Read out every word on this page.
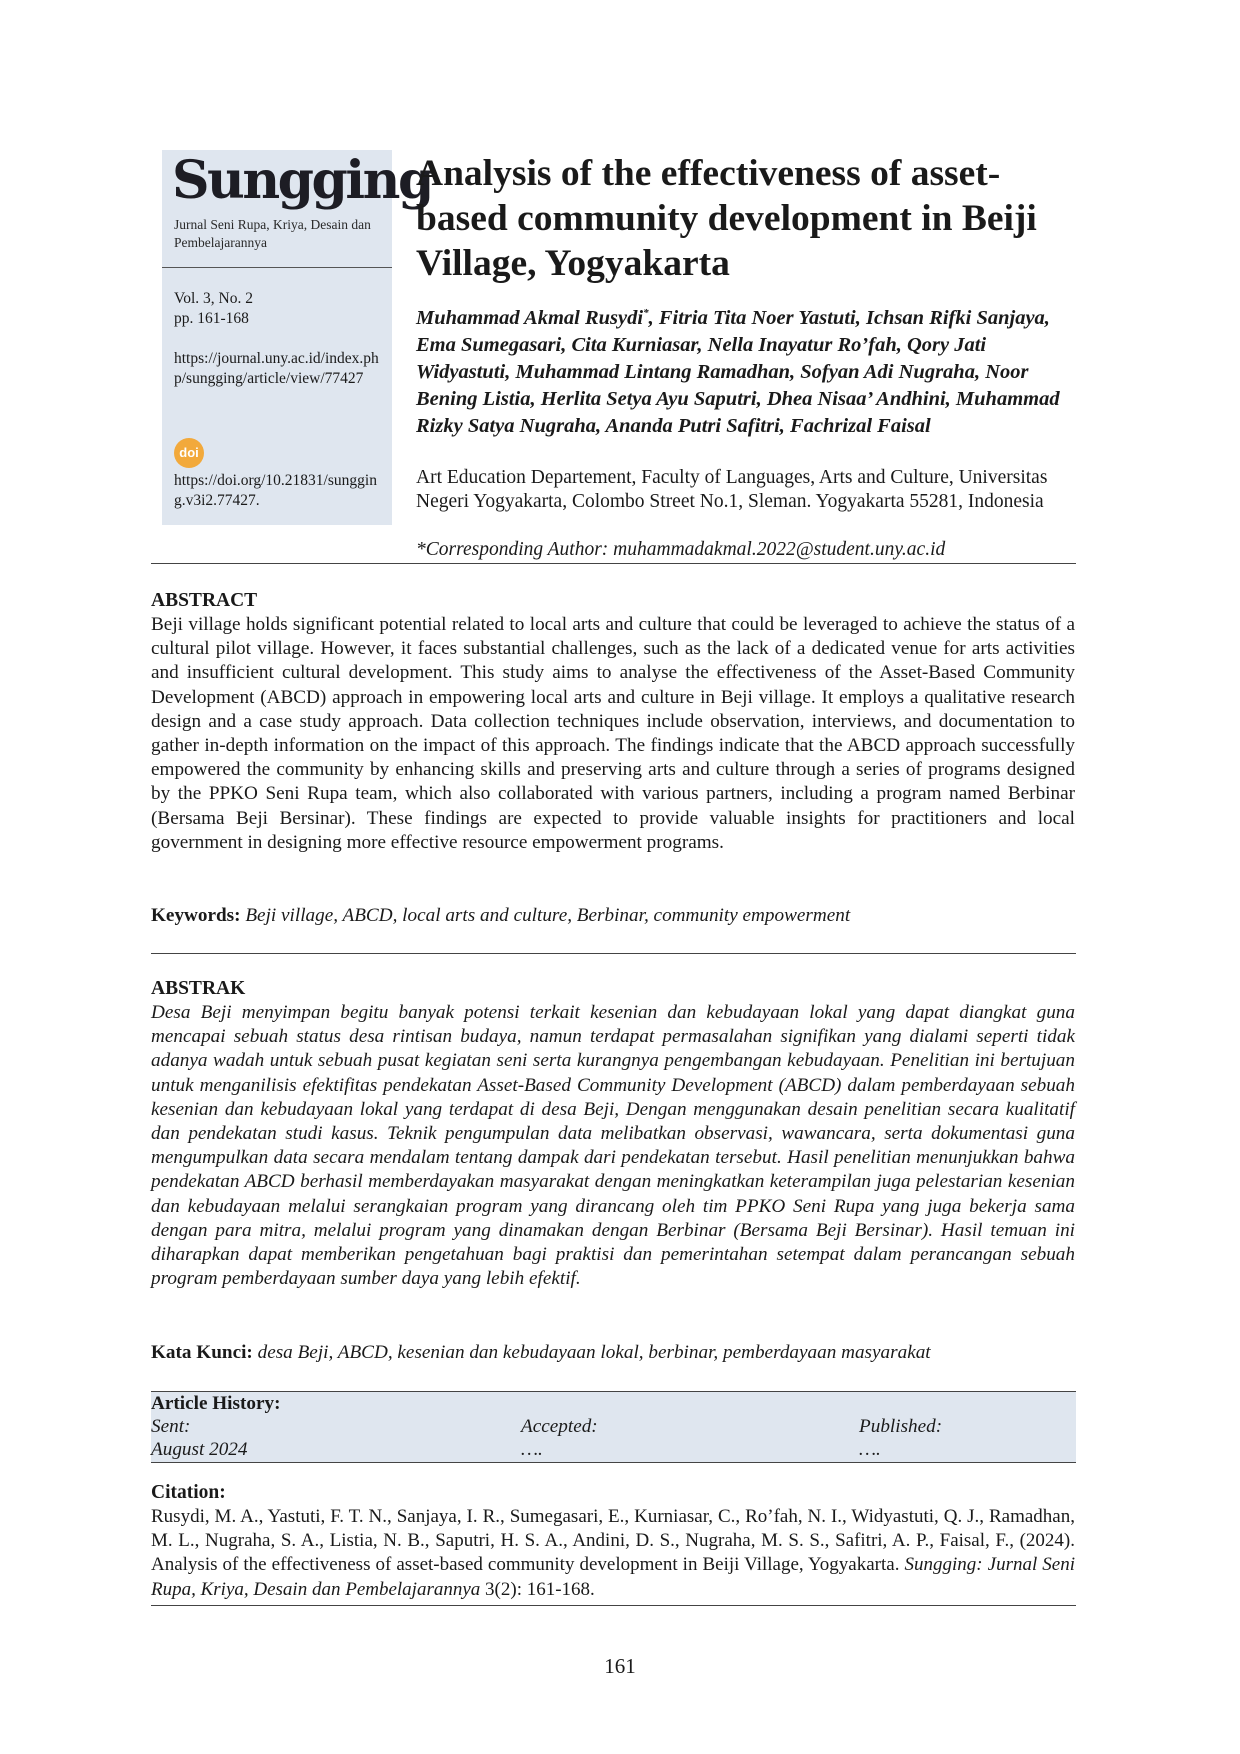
Sungging
Jurnal Seni Rupa, Kriya, Desain dan Pembelajarannya
Vol. 3, No. 2
pp. 161-168
https://journal.uny.ac.id/index.php/sungging/article/view/77427
doi
https://doi.org/10.21831/sungging.v3i2.77427.
Analysis of the effectiveness of asset-based community development in Beiji Village, Yogyakarta

Muhammad Akmal Rusydi*, Fitria Tita Noer Yastuti, Ichsan Rifki Sanjaya, Ema Sumegasari, Cita Kurniasar, Nella Inayatur Ro’fah, Qory Jati Widyastuti, Muhammad Lintang Ramadhan, Sofyan Adi Nugraha, Noor Bening Listia, Herlita Setya Ayu Saputri, Dhea Nisaa’ Andhini, Muhammad Rizky Satya Nugraha, Ananda Putri Safitri, Fachrizal Faisal

Art Education Departement, Faculty of Languages, Arts and Culture, Universitas Negeri Yogyakarta, Colombo Street No.1, Sleman. Yogyakarta 55281, Indonesia
*Corresponding Author: muhammadakmal.2022@student.uny.ac.id
ABSTRACT

Beji village holds significant potential related to local arts and culture that could be leveraged to achieve the status of a cultural pilot village. However, it faces substantial challenges, such as the lack of a dedicated venue for arts activities and insufficient cultural development. This study aims to analyse the effectiveness of the Asset-Based Community Development (ABCD) approach in empowering local arts and culture in Beji village. It employs a qualitative research design and a case study approach. Data collection techniques include observation, interviews, and documentation to gather in-depth information on the impact of this approach. The findings indicate that the ABCD approach successfully empowered the community by enhancing skills and preserving arts and culture through a series of programs designed by the PPKO Seni Rupa team, which also collaborated with various partners, including a program named Berbinar (Bersama Beji Bersinar). These findings are expected to provide valuable insights for practitioners and local government in designing more effective resource empowerment programs.

Keywords: Beji village, ABCD, local arts and culture, Berbinar, community empowerment
ABSTRAK

Desa Beji menyimpan begitu banyak potensi terkait kesenian dan kebudayaan lokal yang dapat diangkat guna mencapai sebuah status desa rintisan budaya, namun terdapat permasalahan signifikan yang dialami seperti tidak adanya wadah untuk sebuah pusat kegiatan seni serta kurangnya pengembangan kebudayaan. Penelitian ini bertujuan untuk menganilisis efektifitas pendekatan Asset-Based Community Development (ABCD) dalam pemberdayaan sebuah kesenian dan kebudayaan lokal yang terdapat di desa Beji, Dengan menggunakan desain penelitian secara kualitatif dan pendekatan studi kasus. Teknik pengumpulan data melibatkan observasi, wawancara, serta dokumentasi guna mengumpulkan data secara mendalam tentang dampak dari pendekatan tersebut. Hasil penelitian menunjukkan bahwa pendekatan ABCD berhasil memberdayakan masyarakat dengan meningkatkan keterampilan juga pelestarian kesenian dan kebudayaan melalui serangkaian program yang dirancang oleh tim PPKO Seni Rupa yang juga bekerja sama dengan para mitra, melalui program yang dinamakan dengan Berbinar (Bersama Beji Bersinar). Hasil temuan ini diharapkan dapat memberikan pengetahuan bagi praktisi dan pemerintahan setempat dalam perancangan sebuah program pemberdayaan sumber daya yang lebih efektif.

Kata Kunci: desa Beji, ABCD, kesenian dan kebudayaan lokal, berbinar, pemberdayaan masyarakat
Article History:
Sent:	Accepted:	Published:
August 2024	….	….
Citation:

Rusydi, M. A., Yastuti, F. T. N., Sanjaya, I. R., Sumegasari, E., Kurniasar, C., Ro’fah, N. I., Widyastuti, Q. J., Ramadhan, M. L., Nugraha, S. A., Listia, N. B., Saputri, H. S. A., Andini, D. S., Nugraha, M. S. S., Safitri, A. P., Faisal, F., (2024). Analysis of the effectiveness of asset-based community development in Beiji Village, Yogyakarta. Sungging: Jurnal Seni Rupa, Kriya, Desain dan Pembelajarannya 3(2): 161-168.

161
